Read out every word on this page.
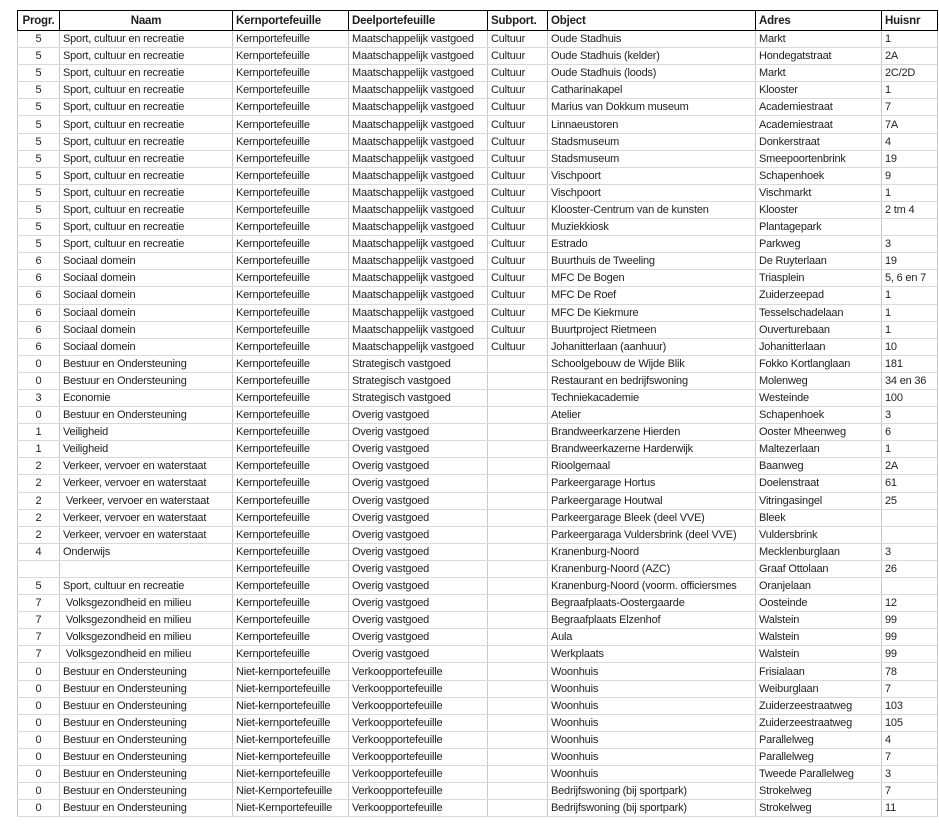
Progr.	Naam	Kernportefeuille	Deelportefeuille	Subport.	Object	Adres	Huisnr
5	Sport, cultuur en recreatie	Kernportefeuille	Maatschappelijk vastgoed	Cultuur	Oude Stadhuis	Markt	1
5	Sport, cultuur en recreatie	Kernportefeuille	Maatschappelijk vastgoed	Cultuur	Oude Stadhuis (kelder)	Hondegatstraat	2A
5	Sport, cultuur en recreatie	Kernportefeuille	Maatschappelijk vastgoed	Cultuur	Oude Stadhuis (loods)	Markt	2C/2D
5	Sport, cultuur en recreatie	Kernportefeuille	Maatschappelijk vastgoed	Cultuur	Catharinakapel	Klooster	1
5	Sport, cultuur en recreatie	Kernportefeuille	Maatschappelijk vastgoed	Cultuur	Marius van Dokkum museum	Academiestraat	7
5	Sport, cultuur en recreatie	Kernportefeuille	Maatschappelijk vastgoed	Cultuur	Linnaeustoren	Academiestraat	7A
5	Sport, cultuur en recreatie	Kernportefeuille	Maatschappelijk vastgoed	Cultuur	Stadsmuseum	Donkerstraat	4
5	Sport, cultuur en recreatie	Kernportefeuille	Maatschappelijk vastgoed	Cultuur	Stadsmuseum	Smeepoortenbrink	19
5	Sport, cultuur en recreatie	Kernportefeuille	Maatschappelijk vastgoed	Cultuur	Vischpoort	Schapenhoek	9
5	Sport, cultuur en recreatie	Kernportefeuille	Maatschappelijk vastgoed	Cultuur	Vischpoort	Vischmarkt	1
5	Sport, cultuur en recreatie	Kernportefeuille	Maatschappelijk vastgoed	Cultuur	Klooster-Centrum van de kunsten	Klooster	2 tm 4
5	Sport, cultuur en recreatie	Kernportefeuille	Maatschappelijk vastgoed	Cultuur	Muziekkiosk	Plantagepark	
5	Sport, cultuur en recreatie	Kernportefeuille	Maatschappelijk vastgoed	Cultuur	Estrado	Parkweg	3
6	Sociaal domein	Kernportefeuille	Maatschappelijk vastgoed	Cultuur	Buurthuis de Tweeling	De Ruyterlaan	19
6	Sociaal domein	Kernportefeuille	Maatschappelijk vastgoed	Cultuur	MFC De Bogen	Triasplein	5, 6 en 7
6	Sociaal domein	Kernportefeuille	Maatschappelijk vastgoed	Cultuur	MFC De Roef	Zuiderzeepad	1
6	Sociaal domein	Kernportefeuille	Maatschappelijk vastgoed	Cultuur	MFC De Kiekmure	Tesselschadelaan	1
6	Sociaal domein	Kernportefeuille	Maatschappelijk vastgoed	Cultuur	Buurtproject Rietmeen	Ouverturebaan	1
6	Sociaal domein	Kernportefeuille	Maatschappelijk vastgoed	Cultuur	Johanitterlaan (aanhuur)	Johanitterlaan	10
0	Bestuur en Ondersteuning	Kernportefeuille	Strategisch vastgoed		Schoolgebouw de Wijde Blik	Fokko Kortlanglaan	181
0	Bestuur en Ondersteuning	Kernportefeuille	Strategisch vastgoed		Restaurant en bedrijfswoning	Molenweg	34 en 36
3	Economie	Kernportefeuille	Strategisch vastgoed		Techniekacademie	Westeinde	100
0	Bestuur en Ondersteuning	Kernportefeuille	Overig vastgoed		Atelier	Schapenhoek	3
1	Veiligheid	Kernportefeuille	Overig vastgoed		Brandweerkarzene Hierden	Ooster Mheenweg	6
1	Veiligheid	Kernportefeuille	Overig vastgoed		Brandweerkazerne Harderwijk	Maltezerlaan	1
2	Verkeer, vervoer en waterstaat	Kernportefeuille	Overig vastgoed		Rioolgemaal	Baanweg	2A
2	Verkeer, vervoer en waterstaat	Kernportefeuille	Overig vastgoed		Parkeergarage Hortus	Doelenstraat	61
2	Verkeer, vervoer en waterstaat	Kernportefeuille	Overig vastgoed		Parkeergarage Houtwal	Vitringasingel	25
2	Verkeer, vervoer en waterstaat	Kernportefeuille	Overig vastgoed		Parkeergarage Bleek (deel VVE)	Bleek	
2	Verkeer, vervoer en waterstaat	Kernportefeuille	Overig vastgoed		Parkeergaraga Vuldersbrink (deel VVE)	Vuldersbrink	
4	Onderwijs	Kernportefeuille	Overig vastgoed		Kranenburg-Noord	Mecklenburglaan	3
		Kernportefeuille	Overig vastgoed		Kranenburg-Noord (AZC)	Graaf Ottolaan	26
5	Sport, cultuur en recreatie	Kernportefeuille	Overig vastgoed		Kranenburg-Noord (voorm. officiersmes	Oranjelaan	
7	Volksgezondheid en milieu	Kernportefeuille	Overig vastgoed		Begraafplaats-Oostergaarde	Oosteinde	12
7	Volksgezondheid en milieu	Kernportefeuille	Overig vastgoed		Begraafplaats Elzenhof	Walstein	99
7	Volksgezondheid en milieu	Kernportefeuille	Overig vastgoed		Aula	Walstein	99
7	Volksgezondheid en milieu	Kernportefeuille	Overig vastgoed		Werkplaats	Walstein	99
0	Bestuur en Ondersteuning	Niet-kernportefeuille	Verkoopportefeuille		Woonhuis	Frisialaan	78
0	Bestuur en Ondersteuning	Niet-kernportefeuille	Verkoopportefeuille		Woonhuis	Weiburglaan	7
0	Bestuur en Ondersteuning	Niet-kernportefeuille	Verkoopportefeuille		Woonhuis	Zuiderzeestraatweg	103
0	Bestuur en Ondersteuning	Niet-kernportefeuille	Verkoopportefeuille		Woonhuis	Zuiderzeestraatweg	105
0	Bestuur en Ondersteuning	Niet-kernportefeuille	Verkoopportefeuille		Woonhuis	Parallelweg	4
0	Bestuur en Ondersteuning	Niet-kernportefeuille	Verkoopportefeuille		Woonhuis	Parallelweg	7
0	Bestuur en Ondersteuning	Niet-kernportefeuille	Verkoopportefeuille		Woonhuis	Tweede Parallelweg	3
0	Bestuur en Ondersteuning	Niet-Kernportefeuille	Verkoopportefeuille		Bedrijfswoning (bij sportpark)	Strokelweg	7
0	Bestuur en Ondersteuning	Niet-Kernportefeuille	Verkoopportefeuille		Bedrijfswoning (bij sportpark)	Strokelweg	11
